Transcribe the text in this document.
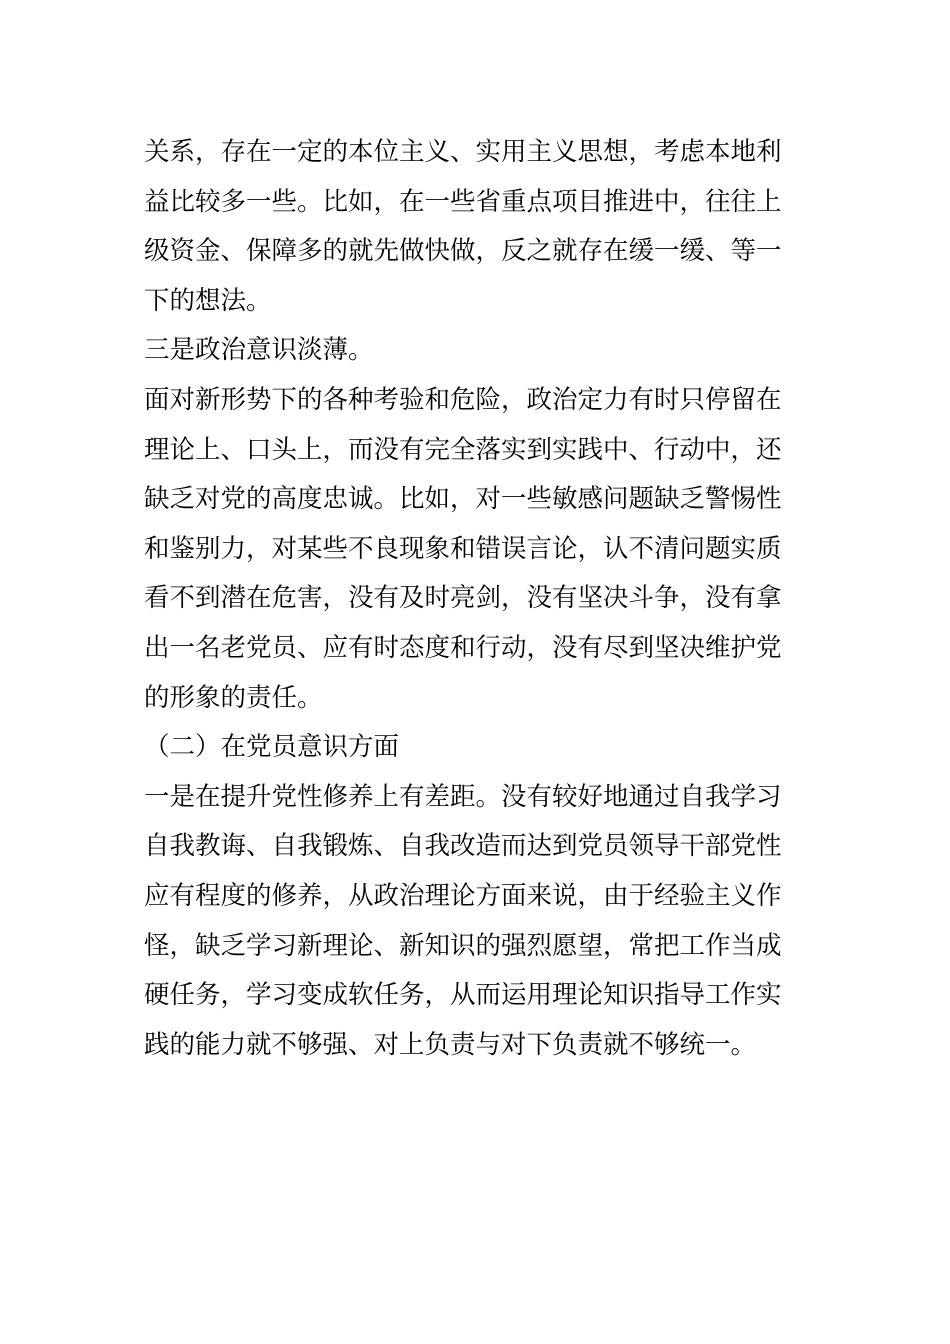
关系，存在一定的本位主义、实用主义思想，考虑本地利
益比较多一些。比如，在一些省重点项目推进中，往往上
级资金、保障多的就先做快做，反之就存在缓一缓、等一
下的想法。
三是政治意识淡薄。
面对新形势下的各种考验和危险，政治定力有时只停留在
理论上、口头上，而没有完全落实到实践中、行动中，还
缺乏对党的高度忠诚。比如，对一些敏感问题缺乏警惕性
和鉴别力，对某些不良现象和错误言论，认不清问题实质
看不到潜在危害，没有及时亮剑，没有坚决斗争，没有拿
出一名老党员、应有时态度和行动，没有尽到坚决维护党
的形象的责任。
（二）在党员意识方面
一是在提升党性修养上有差距。没有较好地通过自我学习
自我教诲、自我锻炼、自我改造而达到党员领导干部党性
应有程度的修养，从政治理论方面来说，由于经验主义作
怪，缺乏学习新理论、新知识的强烈愿望，常把工作当成
硬任务，学习变成软任务，从而运用理论知识指导工作实
践的能力就不够强、对上负责与对下负责就不够统一。
